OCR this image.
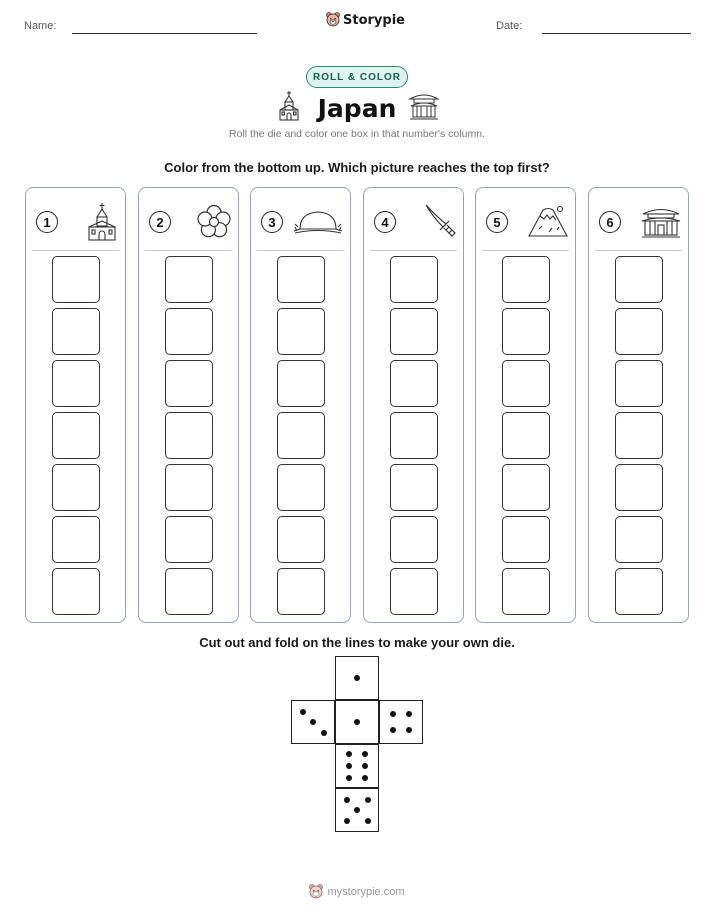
Name:	Storypie	Date:
ROLL & COLOR
Japan
Roll the die and color one box in that number's column.
Color from the bottom up. Which picture reaches the top first?
1	2	3	4	5	6
Cut out and fold on the lines to make your own die.
mystorypie.com
